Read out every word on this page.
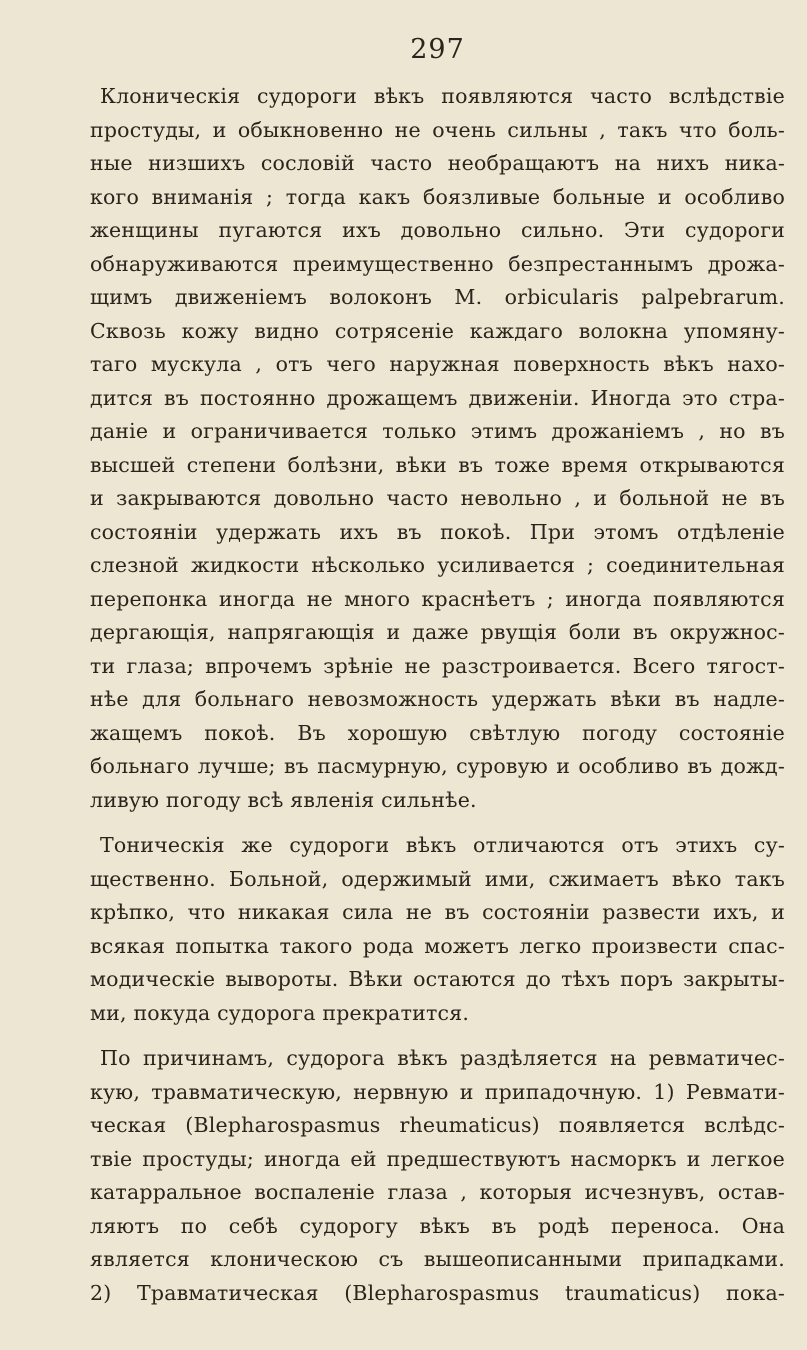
297
Клоническія судороги вѣкъ появляются часто вслѣдствіе
простуды, и обыкновенно не очень сильны , такъ что боль-
ные низшихъ сословій часто необращаютъ на нихъ ника-
кого вниманія ; тогда какъ боязливые больные и особливо
женщины пугаются ихъ довольно сильно. Эти судороги
обнаруживаются преимущественно безпрестаннымъ дрожа-
щимъ движеніемъ волоконъ M. orbicularis palpebrarum.
Сквозь кожу видно сотрясеніе каждаго волокна упомяну-
таго мускула , отъ чего наружная поверхность вѣкъ нахо-
дится въ постоянно дрожащемъ движеніи. Иногда это стра-
даніе и ограничивается только этимъ дрожаніемъ , но въ
высшей степени болѣзни, вѣки въ тоже время открываются
и закрываются довольно часто невольно , и больной не въ
состояніи удержать ихъ въ покоѣ. При этомъ отдѣленіе
слезной жидкости нѣсколько усиливается ; соединительная
перепонка иногда не много краснѣетъ ; иногда появляются
дергающія, напрягающія и даже рвущія боли въ окружнос-
ти глаза; впрочемъ зрѣніе не разстроивается. Всего тягост-
нѣе для больнаго невозможность удержать вѣки въ надле-
жащемъ покоѣ. Въ хорошую свѣтлую погоду состояніе
больнаго лучше; въ пасмурную, суровую и особливо въ дожд-
ливую погоду всѣ явленія сильнѣе.
Тоническія же судороги вѣкъ отличаются отъ этихъ су-
щественно. Больной, одержимый ими, сжимаетъ вѣко такъ
крѣпко, что никакая сила не въ состояніи развести ихъ, и
всякая попытка такого рода можетъ легко произвести спас-
модическіе вывороты. Вѣки остаются до тѣхъ поръ закрыты-
ми, покуда судорога прекратится.
По причинамъ, судорога вѣкъ раздѣляется на ревматичес-
кую, травматическую, нервную и припадочную. 1) Ревмати-
ческая (Blepharospasmus rheumaticus) появляется вслѣдс-
твіе простуды; иногда ей предшествуютъ насморкъ и легкое
катарральное воспаленіе глаза , которыя исчезнувъ, остав-
ляютъ по себѣ судорогу вѣкъ въ родѣ переноса. Она
является клоническою съ вышеописанными припадками.
2) Травматическая (Blepharospasmus traumaticus) пока-
